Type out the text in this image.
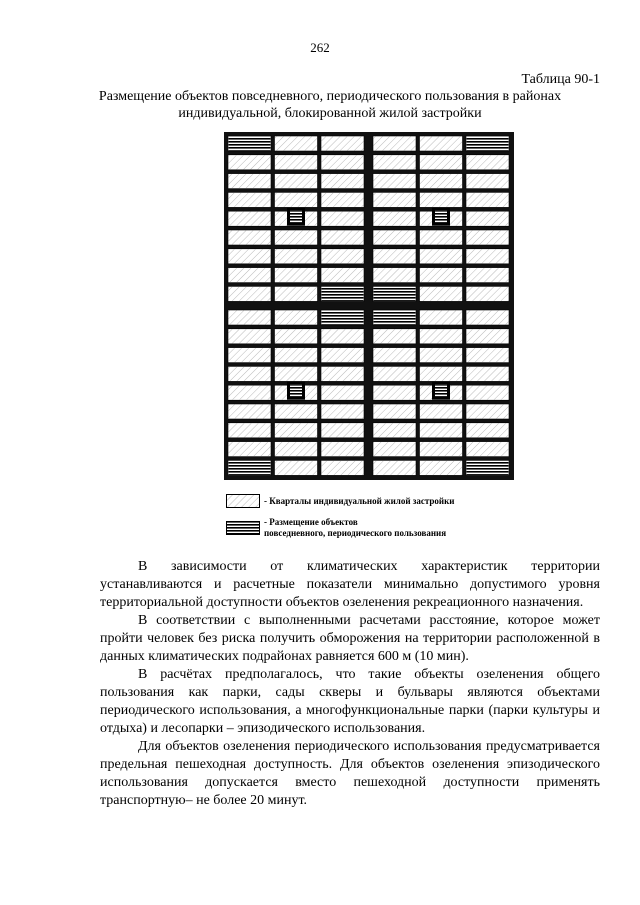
262
Таблица 90-1
Размещение объектов повседневного, периодического пользования в районах
индивидуальной, блокированной жилой застройки
- Кварталы индивидуальной жилой застройки
- Размещение объектов
повседневного, периодического пользования

В зависимости от климатических характеристик территории устанавливаются и расчетные показатели минимально допустимого уровня территориальной доступности объектов озеленения рекреационного назначения.

В соответствии с выполненными расчетами расстояние, которое может пройти человек без риска получить обморожения на территории расположенной в данных климатических подрайонах равняется 600 м (10 мин).

В расчётах предполагалось, что такие объекты озеленения общего пользования как парки, сады скверы и бульвары являются объектами периодического использования, а многофункциональные парки (парки культуры и отдыха) и лесопарки – эпизодического использования.

Для объектов озеленения периодического использования предусматривается предельная пешеходная доступность. Для объектов озеленения эпизодического использования допускается вместо пешеходной доступности применять транспортную– не более 20 минут.
